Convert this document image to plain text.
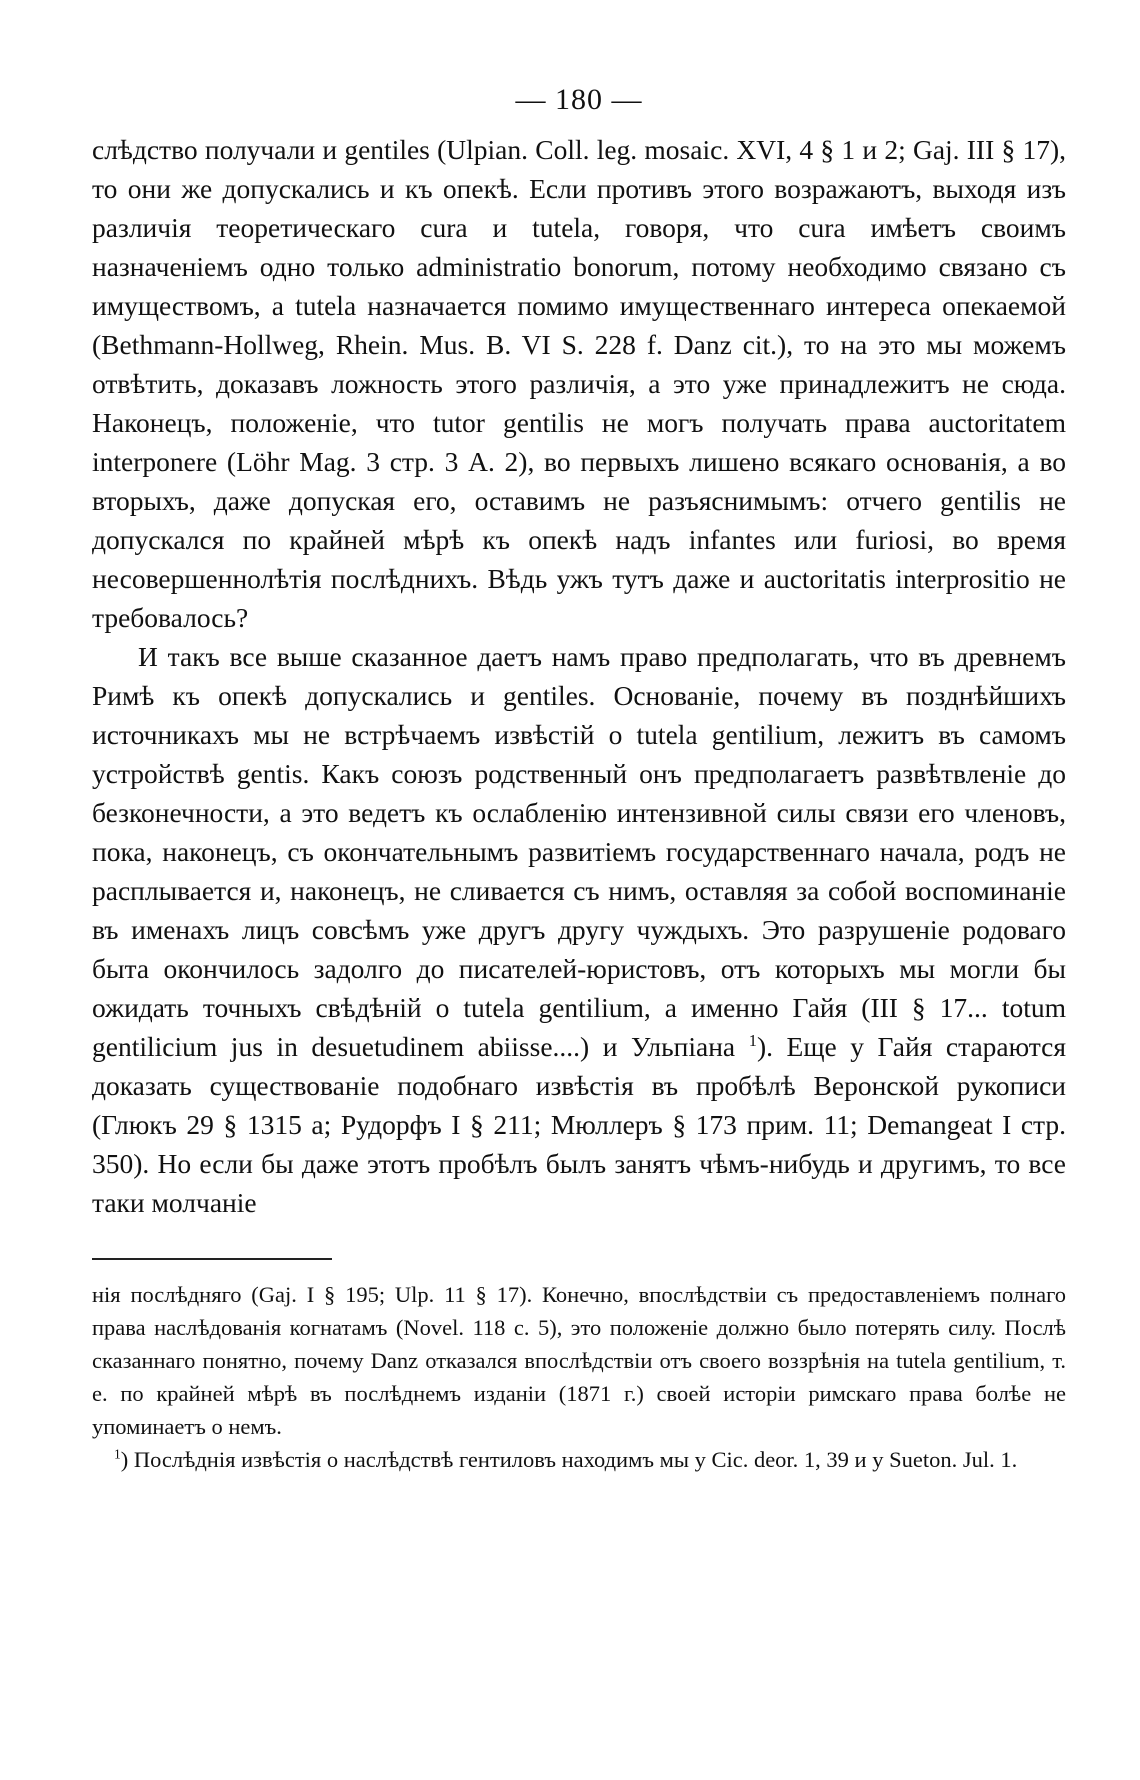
— 180 —

слѣдство получали и gentiles (Ulpian. Coll. leg. mosaic. XVI, 4 § 1 и 2; Gaj. III § 17), то они же допускались и къ опекѣ. Если противъ этого возражаютъ, выходя изъ различія теоретическаго cura и tutela, говоря, что cura имѣетъ своимъ назначеніемъ одно только administratio bonorum, потому необходимо связано съ имуществомъ, а tutela назначается помимо имущественнаго интереса опекаемой (Bethmann-Hollweg, Rhein. Mus. B. VI S. 228 f. Danz cit.), то на это мы можемъ отвѣтить, доказавъ ложность этого различія, а это уже принадлежитъ не сюда. Наконецъ, положеніе, что tutor gentilis не могъ получать права auctoritatem interponere (Löhr Mag. 3 стр. 3 A. 2), во первыхъ лишено всякаго основанія, а во вторыхъ, даже допуская его, оставимъ не разъяснимымъ: отчего gentilis не допускался по крайней мѣрѣ къ опекѣ надъ infantes или furiosi, во время несовершеннолѣтія послѣднихъ. Вѣдь ужъ тутъ даже и auctoritatis interprositio не требовалось?

И такъ все выше сказанное даетъ намъ право предполагать, что въ древнемъ Римѣ къ опекѣ допускались и gentiles. Основаніе, почему въ позднѣйшихъ источникахъ мы не встрѣчаемъ извѣстій о tutela gentilium, лежитъ въ самомъ устройствѣ gentis. Какъ союзъ родственный онъ предполагаетъ развѣтвленіе до безконечности, а это ведетъ къ ослабленію интензивной силы связи его членовъ, пока, наконецъ, съ окончательнымъ развитіемъ государственнаго начала, родъ не расплывается и, наконецъ, не сливается съ нимъ, оставляя за собой воспоминаніе въ именахъ лицъ совсѣмъ уже другъ другу чуждыхъ. Это разрушеніе родоваго быта окончилось задолго до писателей-юристовъ, отъ которыхъ мы могли бы ожидать точныхъ свѣдѣній о tutela gentilium, а именно Гайя (III § 17... totum gentilicium jus in desuetudinem abiisse....) и Ульпіана $^1$). Еще у Гайя стараются доказать существованіе подобнаго извѣстія въ пробѣлѣ Веронской рукописи (Глюкъ 29 § 1315 a; Рудорфъ I § 211; Мюллеръ § 173 прим. 11; Demangeat I стр. 350). Но если бы даже этотъ пробѣлъ былъ занятъ чѣмъ-нибудь и другимъ, то все таки молчаніе

нія послѣдняго (Gaj. I § 195; Ulp. 11 § 17). Конечно, впослѣдствіи съ предоставленіемъ полнаго права наслѣдованія когнатамъ (Novel. 118 c. 5), это положеніе должно было потерять силу. Послѣ сказаннаго понятно, почему Danz отказался впослѣдствіи отъ своего воззрѣнія на tutela gentilium, т. е. по крайней мѣрѣ въ послѣднемъ изданіи (1871 г.) своей исторіи римскаго права болѣе не упоминаетъ о немъ.

$^1$) Послѣднія извѣстія о наслѣдствѣ гентиловъ находимъ мы у Cic. deor. 1, 39 и у Sueton. Jul. 1.
